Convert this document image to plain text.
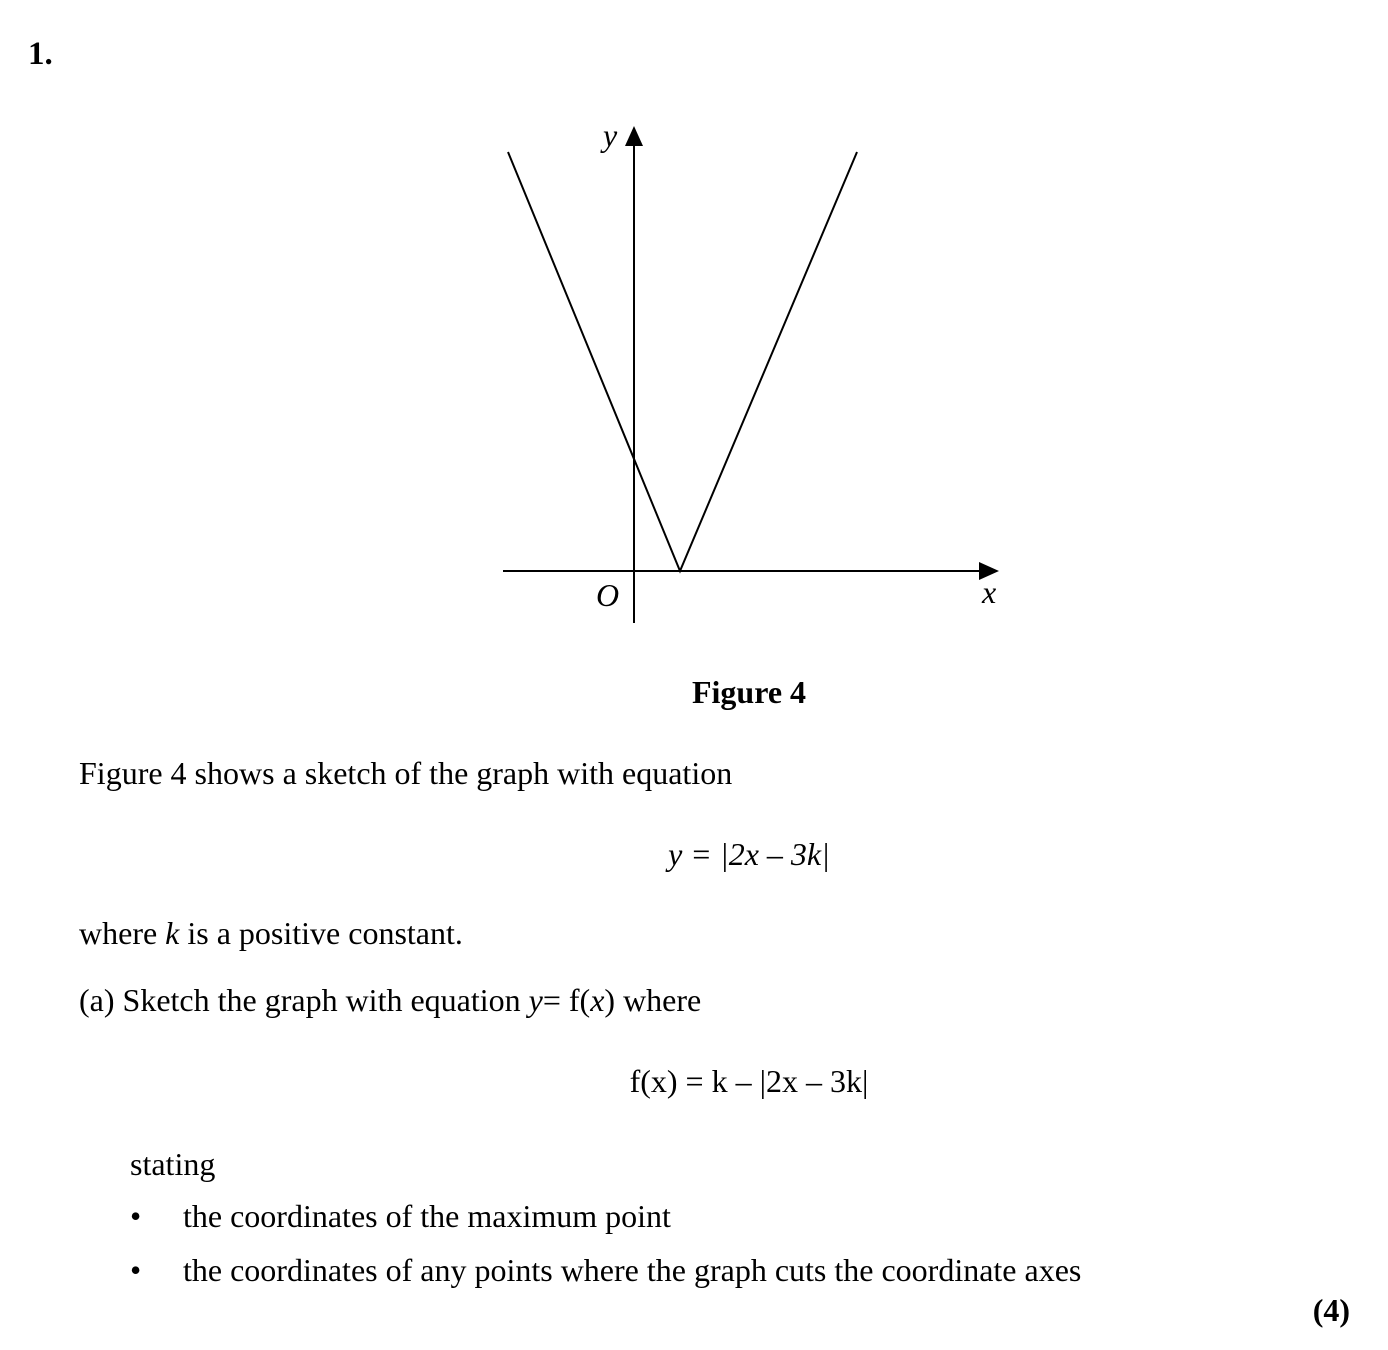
1.
y
x
O
Figure 4
Figure 4 shows a sketch of the graph with equation
y = |2x – 3k|
where k is a positive constant.
(a) Sketch the graph with equation y= f(x) where
f(x) = k – |2x – 3k|
stating
• the coordinates of the maximum point
• the coordinates of any points where the graph cuts the coordinate axes
(4)
